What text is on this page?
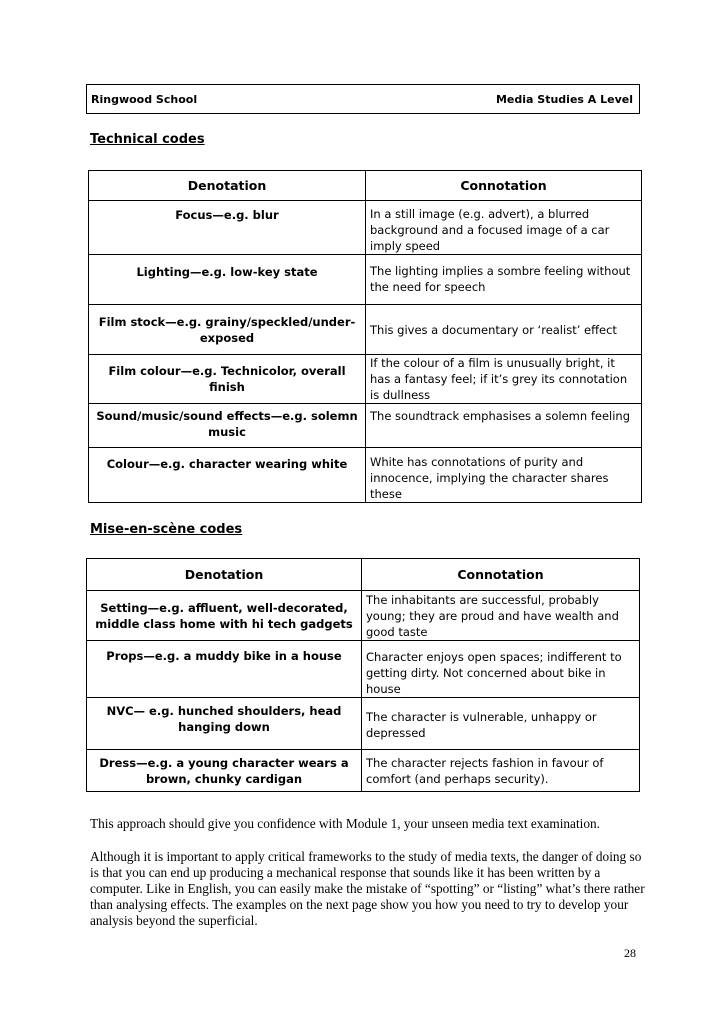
Ringwood School	Media Studies A Level
Technical codes
Denotation	Connotation
Focus—e.g. blur	In a still image (e.g. advert), a blurred background and a focused image of a car imply speed
Lighting—e.g. low-key state	The lighting implies a sombre feeling without the need for speech
Film stock—e.g. grainy/speckled/under-exposed	This gives a documentary or ‘realist’ effect
Film colour—e.g. Technicolor, overall finish	If the colour of a film is unusually bright, it has a fantasy feel; if it’s grey its connotation is dullness
Sound/music/sound effects—e.g. solemn music	The soundtrack emphasises a solemn feeling
Colour—e.g. character wearing white	White has connotations of purity and innocence, implying the character shares these
Mise-en-scène codes
Denotation	Connotation
Setting—e.g. affluent, well-decorated, middle class home with hi tech gadgets	The inhabitants are successful, probably young; they are proud and have wealth and good taste
Props—e.g. a muddy bike in a house	Character enjoys open spaces; indifferent to getting dirty. Not concerned about bike in house
NVC— e.g. hunched shoulders, head hanging down	The character is vulnerable, unhappy or depressed
Dress—e.g. a young character wears a brown, chunky cardigan	The character rejects fashion in favour of comfort (and perhaps security).
This approach should give you confidence with Module 1, your unseen media text examination.
Although it is important to apply critical frameworks to the study of media texts, the danger of doing so is that you can end up producing a mechanical response that sounds like it has been written by a computer. Like in English, you can easily make the mistake of “spotting” or “listing” what’s there rather than analysing effects. The examples on the next page show you how you need to try to develop your analysis beyond the superficial.
28
